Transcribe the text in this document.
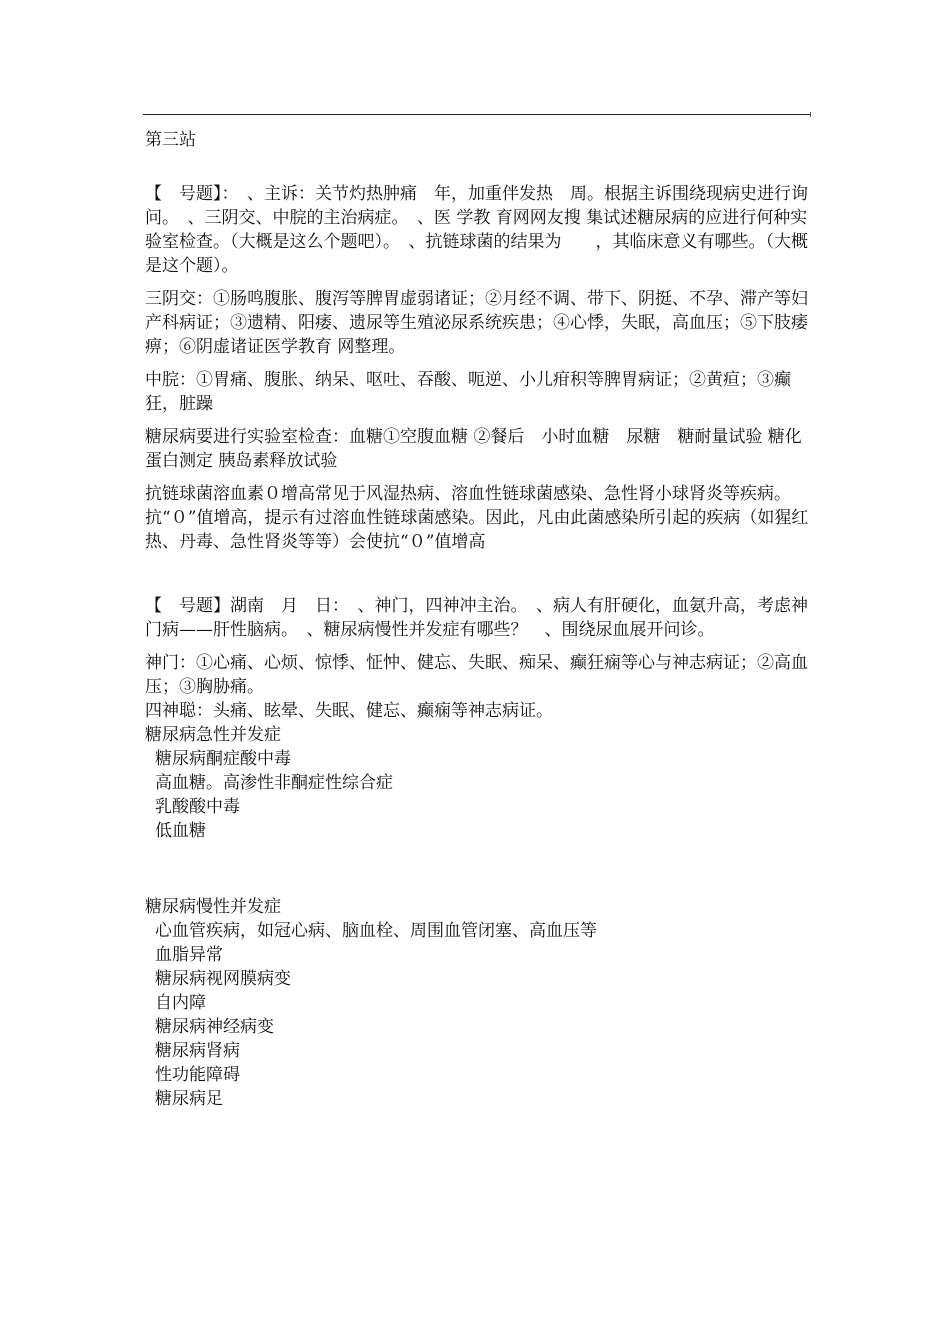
第三站

【　号题】：　、主诉：关节灼热肿痛　年，加重伴发热　周。根据主诉围绕现病史进行询问。　、三阴交、中脘的主治病症。　、医 学教 育网网友搜 集试述糖尿病的应进行何种实验室检查。（大概是这么个题吧）。　、抗链球菌的结果为　　，其临床意义有哪些。（大概是这个题）。

三阴交：①肠鸣腹胀、腹泻等脾胃虚弱诸证；②月经不调、带下、阴挺、不孕、滞产等妇产科病证；③遗精、阳痿、遗尿等生殖泌尿系统疾患；④心悸，失眠，高血压；⑤下肢痿痹；⑥阴虚诸证医学教育 网整理。

中脘：①胃痛、腹胀、纳呆、呕吐、吞酸、呃逆、小儿疳积等脾胃病证；②黄疸；③癫狂，脏躁

糖尿病要进行实验室检查：血糖①空腹血糖 ②餐后　小时血糖　尿糖　糖耐量试验 糖化蛋白测定 胰岛素释放试验

抗链球菌溶血素０增高常见于风湿热病、溶血性链球菌感染、急性肾小球肾炎等疾病。

抗“０”值增高，提示有过溶血性链球菌感染。因此，凡由此菌感染所引起的疾病（如猩红热、丹毒、急性肾炎等等）会使抗“０”值增高

【　号题】湖南　月　日：　、神门，四神冲主治。　、病人有肝硬化，血氨升高，考虑神门病——肝性脑病。　、糖尿病慢性并发症有哪些？　、围绕尿血展开问诊。

神门：①心痛、心烦、惊悸、怔忡、健忘、失眠、痴呆、癫狂痫等心与神志病证；②高血压；③胸胁痛。

四神聪：头痛、眩晕、失眠、健忘、癫痫等神志病证。

糖尿病急性并发症

糖尿病酮症酸中毒

高血糖。高渗性非酮症性综合症

乳酸酸中毒

低血糖

糖尿病慢性并发症

心血管疾病，如冠心病、脑血栓、周围血管闭塞、高血压等

血脂异常

糖尿病视网膜病变

自内障

糖尿病神经病变

糖尿病肾病

性功能障碍

糖尿病足
